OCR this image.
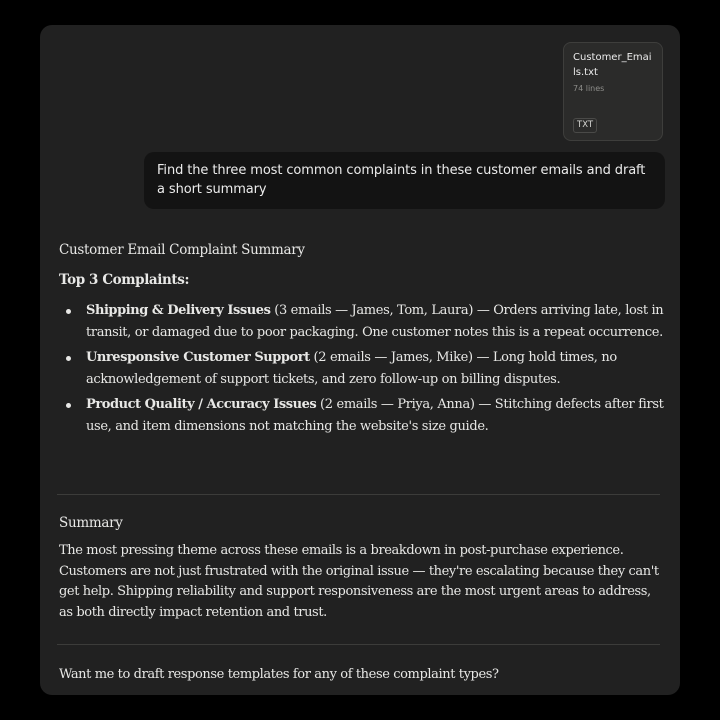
Customer_Emails.txt
74 lines
TXT
Find the three most common complaints in these customer emails and draft a short summary
Customer Email Complaint Summary
Top 3 Complaints:
Shipping & Delivery Issues (3 emails — James, Tom, Laura) — Orders arriving late, lost in transit, or damaged due to poor packaging. One customer notes this is a repeat occurrence.
Unresponsive Customer Support (2 emails — James, Mike) — Long hold times, no acknowledgement of support tickets, and zero follow-up on billing disputes.
Product Quality / Accuracy Issues (2 emails — Priya, Anna) — Stitching defects after first use, and item dimensions not matching the website's size guide.
Summary
The most pressing theme across these emails is a breakdown in post-purchase experience. Customers are not just frustrated with the original issue — they're escalating because they can't get help. Shipping reliability and support responsiveness are the most urgent areas to address, as both directly impact retention and trust.
Want me to draft response templates for any of these complaint types?
